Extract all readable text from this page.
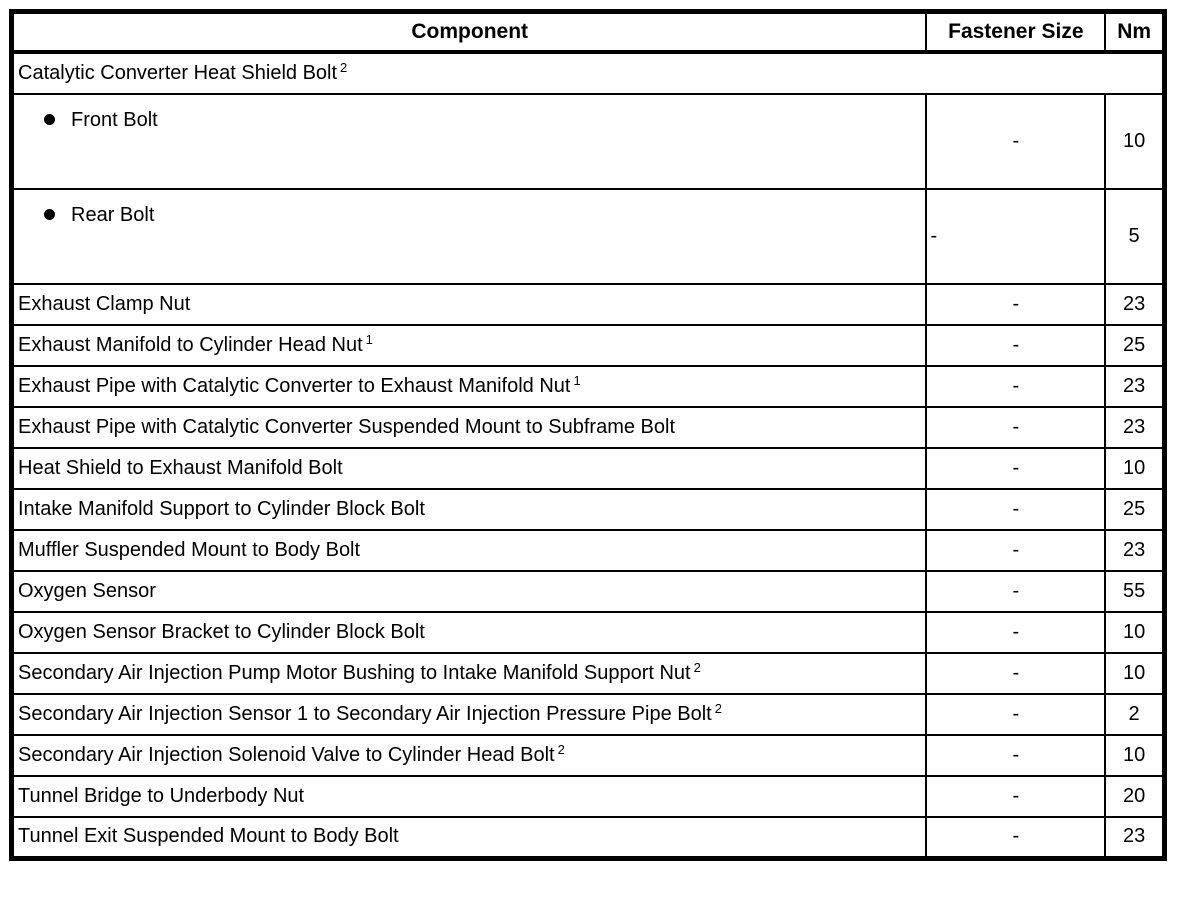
Component	Fastener Size	Nm
Catalytic Converter Heat Shield Bolt $^2$
Front Bolt	-	10
Rear Bolt	-	5
Exhaust Clamp Nut	-	23
Exhaust Manifold to Cylinder Head Nut $^1$	-	25
Exhaust Pipe with Catalytic Converter to Exhaust Manifold Nut $^1$	-	23
Exhaust Pipe with Catalytic Converter Suspended Mount to Subframe Bolt	-	23
Heat Shield to Exhaust Manifold Bolt	-	10
Intake Manifold Support to Cylinder Block Bolt	-	25
Muffler Suspended Mount to Body Bolt	-	23
Oxygen Sensor	-	55
Oxygen Sensor Bracket to Cylinder Block Bolt	-	10
Secondary Air Injection Pump Motor Bushing to Intake Manifold Support Nut $^2$	-	10
Secondary Air Injection Sensor 1 to Secondary Air Injection Pressure Pipe Bolt $^2$	-	2
Secondary Air Injection Solenoid Valve to Cylinder Head Bolt $^2$	-	10
Tunnel Bridge to Underbody Nut	-	20
Tunnel Exit Suspended Mount to Body Bolt	-	23
